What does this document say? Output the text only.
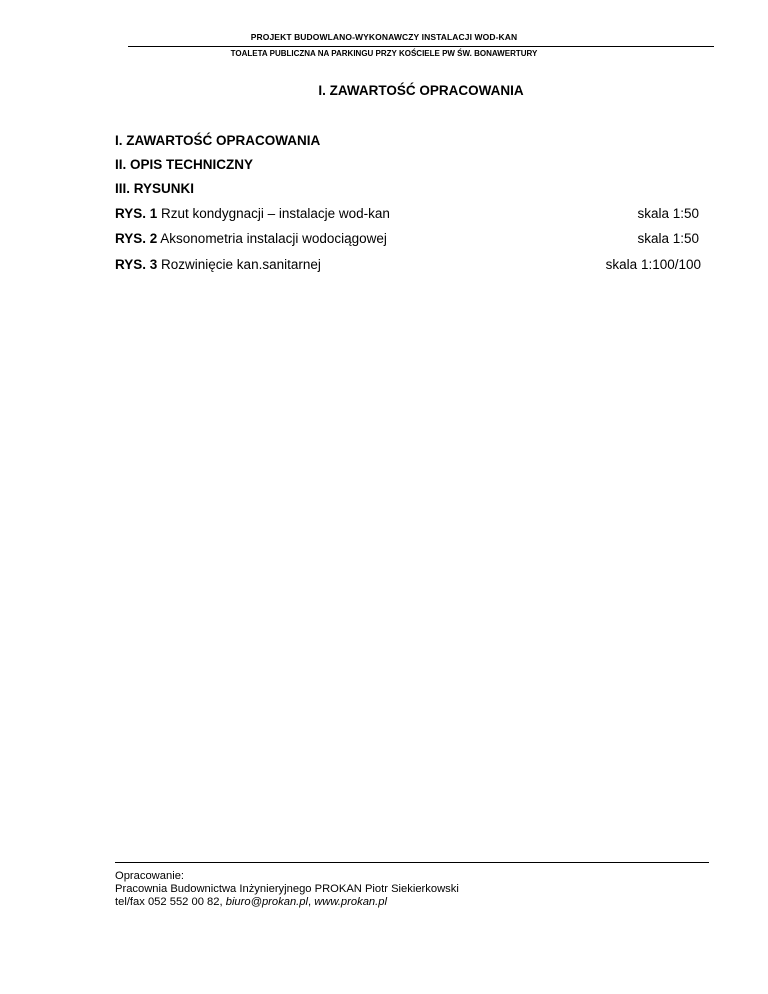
PROJEKT BUDOWLANO-WYKONAWCZY INSTALACJI WOD-KAN
TOALETA PUBLICZNA NA PARKINGU PRZY KOŚCIELE PW ŚW. BONAWERTURY
I. ZAWARTOŚĆ OPRACOWANIA
I. ZAWARTOŚĆ OPRACOWANIA
II. OPIS TECHNICZNY
III. RYSUNKI
RYS. 1 Rzut kondygnacji – instalacje wod-kan	skala 1:50
RYS. 2 Aksonometria instalacji wodociągowej	skala 1:50
RYS. 3 Rozwinięcie kan.sanitarnej	skala 1:100/100
Opracowanie:
Pracownia Budownictwa Inżynieryjnego PROKAN Piotr Siekierkowski
tel/fax 052 552 00 82, biuro@prokan.pl, www.prokan.pl
